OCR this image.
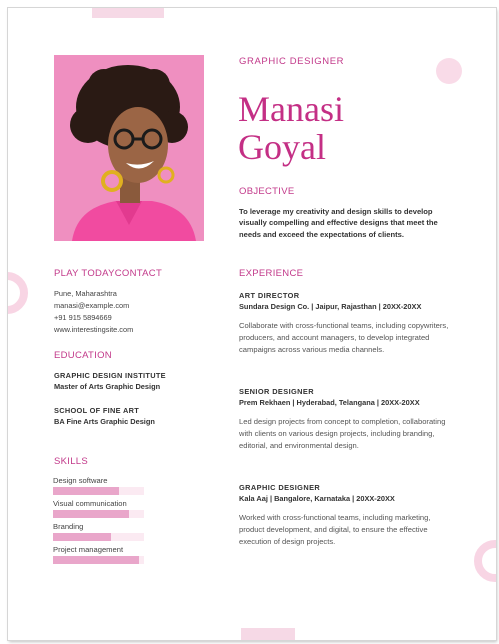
GRAPHIC DESIGNER
Manasi
Goyal
OBJECTIVE
To leverage my creativity and design skills to develop visually compelling and effective designs that meet the needs and exceed the expectations of clients.
PLAY TODAYCONTACT
Pune, Maharashtra
manasi@example.com
+91 915 5894669
www.interestingsite.com
EDUCATION
GRAPHIC DESIGN INSTITUTE
Master of Arts Graphic Design
SCHOOL OF FINE ART
BA Fine Arts Graphic Design
SKILLS
Design software
Visual communication
Branding
Project management
EXPERIENCE
ART DIRECTOR
Sundara Design Co. | Jaipur, Rajasthan | 20XX-20XX
Collaborate with cross-functional teams, including copywriters, producers, and account managers, to develop integrated campaigns across various media channels.
SENIOR DESIGNER
Prem Rekhaen | Hyderabad, Telangana | 20XX-20XX
Led design projects from concept to completion, collaborating with clients on various design projects, including branding, editorial, and environmental design.
GRAPHIC DESIGNER
Kala Aaj | Bangalore, Karnataka | 20XX-20XX
Worked with cross-functional teams, including marketing, product development, and digital, to ensure the effective execution of design projects.
